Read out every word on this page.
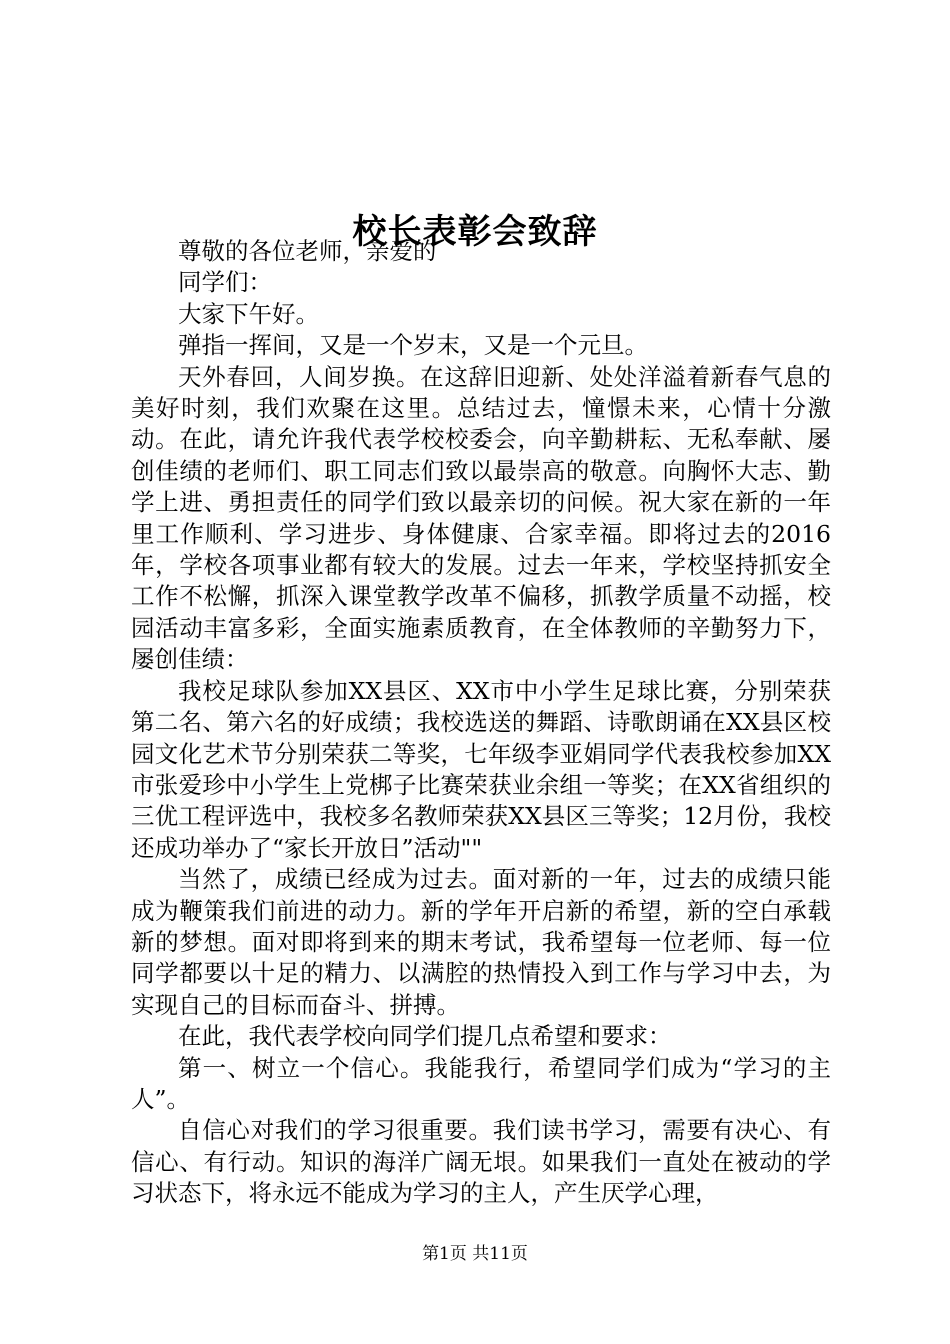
校长表彰会致辞

尊敬的各位老师，亲爱的

同学们：

大家下午好。

弹指一挥间，又是一个岁末，又是一个元旦。

天外春回，人间岁换。在这辞旧迎新、处处洋溢着新春气息的美好时刻，我们欢聚在这里。总结过去，憧憬未来，心情十分激动。在此，请允许我代表学校校委会，向辛勤耕耘、无私奉献、屡创佳绩的老师们、职工同志们致以最崇高的敬意。向胸怀大志、勤学上进、勇担责任的同学们致以最亲切的问候。祝大家在新的一年里工作顺利、学习进步、身体健康、合家幸福。即将过去的2016年，学校各项事业都有较大的发展。过去一年来，学校坚持抓安全工作不松懈，抓深入课堂教学改革不偏移，抓教学质量不动摇，校园活动丰富多彩，全面实施素质教育，在全体教师的辛勤努力下，屡创佳绩：

我校足球队参加XX县区、XX市中小学生足球比赛，分别荣获第二名、第六名的好成绩；我校选送的舞蹈、诗歌朗诵在XX县区校园文化艺术节分别荣获二等奖，七年级李亚娟同学代表我校参加XX市张爱珍中小学生上党梆子比赛荣获业余组一等奖；在XX省组织的三优工程评选中，我校多名教师荣获XX县区三等奖；12月份，我校还成功举办了“家长开放日”活动""

当然了，成绩已经成为过去。面对新的一年，过去的成绩只能成为鞭策我们前进的动力。新的学年开启新的希望，新的空白承载新的梦想。面对即将到来的期末考试，我希望每一位老师、每一位同学都要以十足的精力、以满腔的热情投入到工作与学习中去，为实现自己的目标而奋斗、拼搏。

在此，我代表学校向同学们提几点希望和要求：

第一、树立一个信心。我能我行，希望同学们成为“学习的主人”。

自信心对我们的学习很重要。我们读书学习，需要有决心、有信心、有行动。知识的海洋广阔无垠。如果我们一直处在被动的学习状态下，将永远不能成为学习的主人，产生厌学心理，

第1页 共11页
